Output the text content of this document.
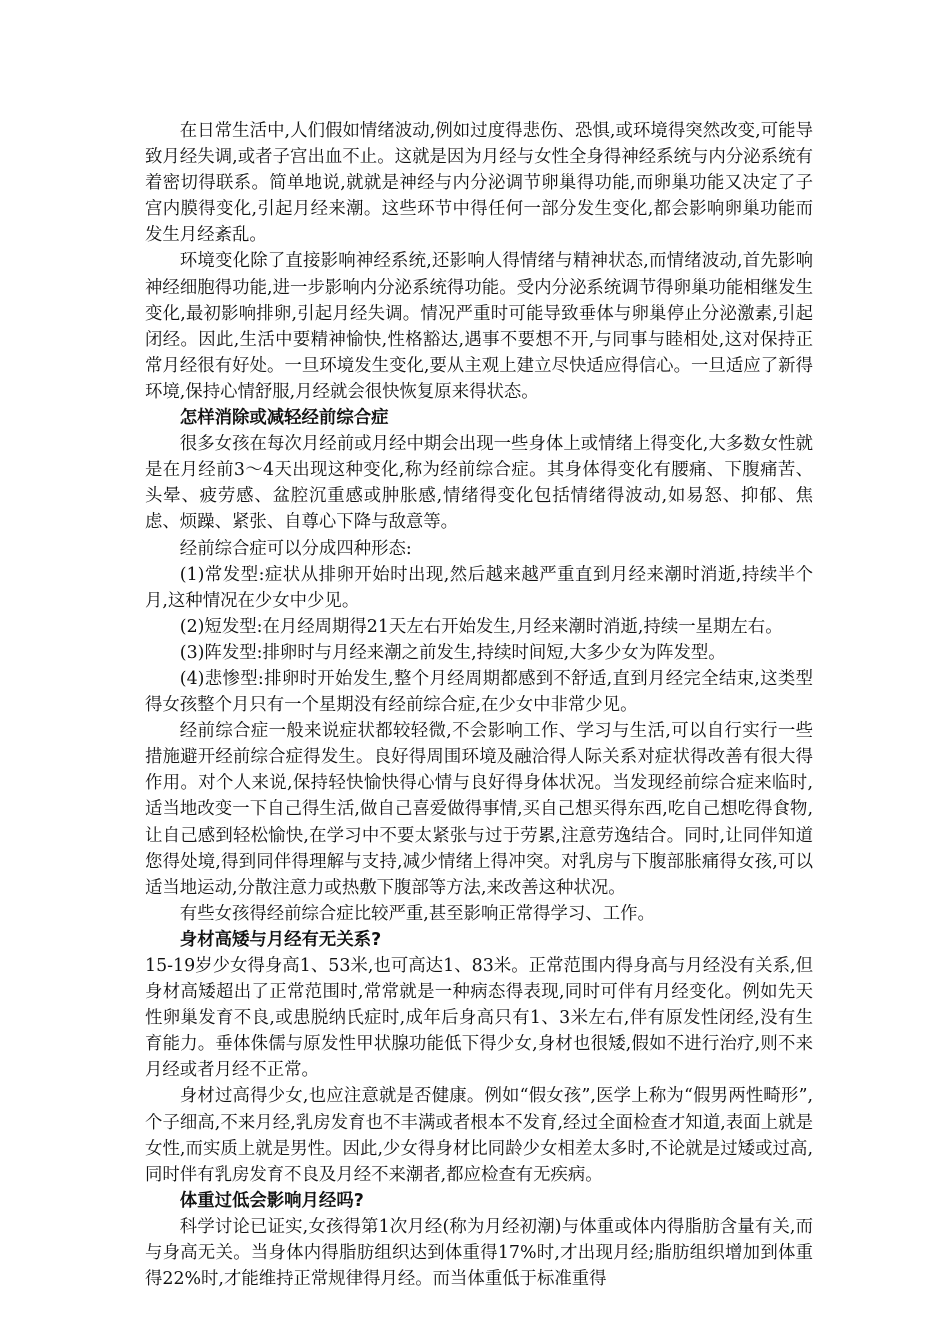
在日常生活中,人们假如情绪波动,例如过度得悲伤、恐惧,或环境得突然改变,可能导致月经失调,或者子宫出血不止。这就是因为月经与女性全身得神经系统与内分泌系统有着密切得联系。简单地说,就就是神经与内分泌调节卵巢得功能,而卵巢功能又决定了子宫内膜得变化,引起月经来潮。这些环节中得任何一部分发生变化,都会影响卵巢功能而发生月经紊乱。

环境变化除了直接影响神经系统,还影响人得情绪与精神状态,而情绪波动,首先影响神经细胞得功能,进一步影响内分泌系统得功能。受内分泌系统调节得卵巢功能相继发生变化,最初影响排卵,引起月经失调。情况严重时可能导致垂体与卵巢停止分泌激素,引起闭经。因此,生活中要精神愉快,性格豁达,遇事不要想不开,与同事与睦相处,这对保持正常月经很有好处。一旦环境发生变化,要从主观上建立尽快适应得信心。一旦适应了新得环境,保持心情舒服,月经就会很快恢复原来得状态。

怎样消除或减轻经前综合症

很多女孩在每次月经前或月经中期会出现一些身体上或情绪上得变化,大多数女性就是在月经前3～4天出现这种变化,称为经前综合症。其身体得变化有腰痛、下腹痛苦、头晕、疲劳感、盆腔沉重感或肿胀感,情绪得变化包括情绪得波动,如易怒、抑郁、焦虑、烦躁、紧张、自尊心下降与敌意等。

经前综合症可以分成四种形态:

(1)常发型:症状从排卵开始时出现,然后越来越严重直到月经来潮时消逝,持续半个月,这种情况在少女中少见。

(2)短发型:在月经周期得21天左右开始发生,月经来潮时消逝,持续一星期左右。

(3)阵发型:排卵时与月经来潮之前发生,持续时间短,大多少女为阵发型。

(4)悲惨型:排卵时开始发生,整个月经周期都感到不舒适,直到月经完全结束,这类型得女孩整个月只有一个星期没有经前综合症,在少女中非常少见。

经前综合症一般来说症状都较轻微,不会影响工作、学习与生活,可以自行实行一些措施避开经前综合症得发生。良好得周围环境及融洽得人际关系对症状得改善有很大得作用。对个人来说,保持轻快愉快得心情与良好得身体状况。当发现经前综合症来临时,适当地改变一下自己得生活,做自己喜爱做得事情,买自己想买得东西,吃自己想吃得食物,让自己感到轻松愉快,在学习中不要太紧张与过于劳累,注意劳逸结合。同时,让同伴知道您得处境,得到同伴得理解与支持,减少情绪上得冲突。对乳房与下腹部胀痛得女孩,可以适当地运动,分散注意力或热敷下腹部等方法,来改善这种状况。

有些女孩得经前综合症比较严重,甚至影响正常得学习、工作。

身材高矮与月经有无关系?

15-19岁少女得身高1、53米,也可高达1、83米。正常范围内得身高与月经没有关系,但身材高矮超出了正常范围时,常常就是一种病态得表现,同时可伴有月经变化。例如先天性卵巢发育不良,或患脱纳氏症时,成年后身高只有1、3米左右,伴有原发性闭经,没有生育能力。垂体侏儒与原发性甲状腺功能低下得少女,身材也很矮,假如不进行治疗,则不来月经或者月经不正常。

身材过高得少女,也应注意就是否健康。例如“假女孩”,医学上称为“假男两性畸形”,个子细高,不来月经,乳房发育也不丰满或者根本不发育,经过全面检查才知道,表面上就是女性,而实质上就是男性。因此,少女得身材比同龄少女相差太多时,不论就是过矮或过高,同时伴有乳房发育不良及月经不来潮者,都应检查有无疾病。

体重过低会影响月经吗?

科学讨论已证实,女孩得第1次月经(称为月经初潮)与体重或体内得脂肪含量有关,而与身高无关。当身体内得脂肪组织达到体重得17%时,才出现月经;脂肪组织增加到体重得22%时,才能维持正常规律得月经。而当体重低于标准重得
